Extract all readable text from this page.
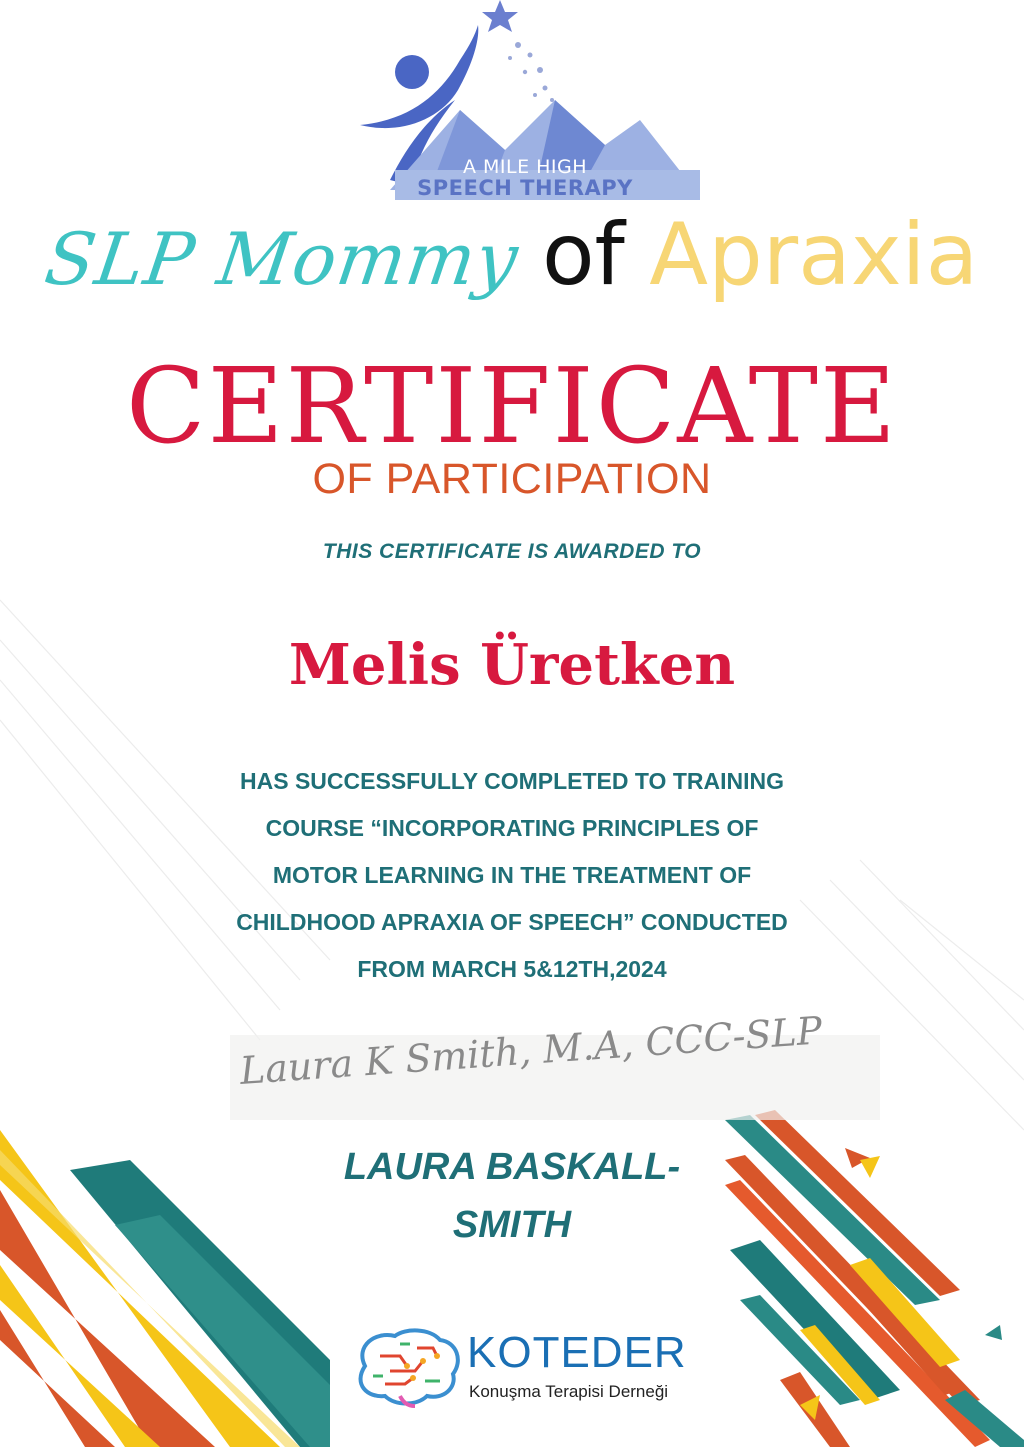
A MILE HIGH
SPEECH THERAPY
SLP Mommy of Apraxia
CERTIFICATE
OF PARTICIPATION
THIS CERTIFICATE IS AWARDED TO
Melis Üretken
HAS SUCCESSFULLY COMPLETED TO TRAINING
COURSE “INCORPORATING PRINCIPLES OF
MOTOR LEARNING IN THE TREATMENT OF
CHILDHOOD APRAXIA OF SPEECH” CONDUCTED
FROM MARCH 5&12TH,2024
Laura K Smith, M.A, CCC-SLP
LAURA BASKALL-
SMITH
KOTEDER
Konuşma Terapisi Derneği
